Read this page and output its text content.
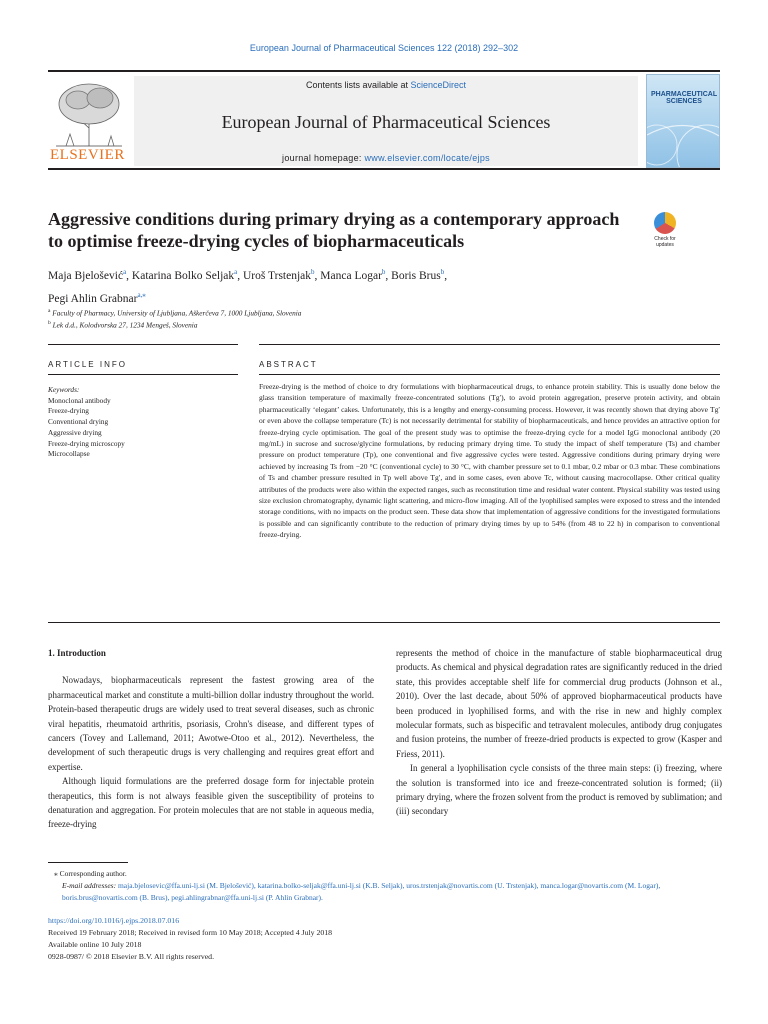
European Journal of Pharmaceutical Sciences 122 (2018) 292–302
ELSEVIER
Contents lists available at ScienceDirect
European Journal of Pharmaceutical Sciences
journal homepage: www.elsevier.com/locate/ejps
PHARMACEUTICAL SCIENCES
Aggressive conditions during primary drying as a contemporary approach to optimise freeze-drying cycles of biopharmaceuticals	Check for updates
Maja Bjelošević$^a$, Katarina Bolko Seljak$^a$, Uroš Trstenjak$^b$, Manca Logar$^b$, Boris Brus$^b$,
Pegi Ahlin Grabnar$^{a,⁎}$
$^a$ Faculty of Pharmacy, University of Ljubljana, Aškerčeva 7, 1000 Ljubljana, Slovenia
$^b$ Lek d.d., Kolodvorska 27, 1234 Mengeš, Slovenia
ARTICLE INFO	ABSTRACT
Keywords:
Monoclonal antibody
Freeze-drying
Conventional drying
Aggressive drying
Freeze-drying microscopy
Microcollapse
Freeze-drying is the method of choice to dry formulations with biopharmaceutical drugs, to enhance protein stability. This is usually done below the glass transition temperature of maximally freeze-concentrated solutions (Tg′), to avoid protein aggregation, preserve protein activity, and obtain pharmaceutically ‘elegant’ cakes. Unfortunately, this is a lengthy and energy-consuming process. However, it was recently shown that drying above Tg′ or even above the collapse temperature (Tc) is not necessarily detrimental for stability of biopharmaceuticals, and hence provides an attractive option for freeze-drying cycle optimisation. The goal of the present study was to optimise the freeze-drying cycle for a model IgG monoclonal antibody (20 mg/mL) in sucrose and sucrose/glycine formulations, by reducing primary drying time. To study the impact of shelf temperature (Ts) and chamber pressure on product temperature (Tp), one conventional and five aggressive cycles were tested. Aggressive conditions during primary drying were achieved by increasing Ts from −20 °C (conventional cycle) to 30 °C, with chamber pressure set to 0.1 mbar, 0.2 mbar or 0.3 mbar. These combinations of Ts and chamber pressure resulted in Tp well above Tg′, and in some cases, even above Tc, without causing macrocollapse. Other critical quality attributes of the products were also within the expected ranges, such as reconstitution time and residual water content. Physical stability was tested using size exclusion chromatography, dynamic light scattering, and micro-flow imaging. All of the lyophilised samples were exposed to stress and the intended storage conditions, with no impacts on the product seen. These data show that implementation of aggressive conditions for the investigated formulations is possible and can significantly contribute to the reduction of primary drying times by up to 54% (from 48 to 22 h) in comparison to conventional freeze-drying.
1. Introduction

Nowadays, biopharmaceuticals represent the fastest growing area of the pharmaceutical market and constitute a multi-billion dollar industry throughout the world. Protein-based therapeutic drugs are widely used to treat several diseases, such as chronic viral hepatitis, rheumatoid arthritis, psoriasis, Crohn's disease, and different types of cancers (Tovey and Lallemand, 2011; Awotwe-Otoo et al., 2012). Nevertheless, the development of such therapeutic drugs is very challenging and requires great effort and expertise.

Although liquid formulations are the preferred dosage form for injectable protein therapeutics, this form is not always feasible given the susceptibility of proteins to denaturation and aggregation. For protein molecules that are not stable in aqueous media, freeze-drying

represents the method of choice in the manufacture of stable biopharmaceutical drug products. As chemical and physical degradation rates are significantly reduced in the dried state, this provides acceptable shelf life for commercial drug products (Johnson et al., 2010). Over the last decade, about 50% of approved biopharmaceutical products have been produced in lyophilised forms, and with the rise in new and highly complex molecular formats, such as bispecific and tetravalent molecules, antibody drug conjugates and fusion proteins, the number of freeze-dried products is expected to grow (Kasper and Friess, 2011).

In general a lyophilisation cycle consists of the three main steps: (i) freezing, where the solution is transformed into ice and freeze-concentrated solution is formed; (ii) primary drying, where the frozen solvent from the product is removed by sublimation; and (iii) secondary

⁎ Corresponding author.
E-mail addresses: maja.bjelosevic@ffa.uni-lj.si (M. Bjelošević), katarina.bolko-seljak@ffa.uni-lj.si (K.B. Seljak), uros.trstenjak@novartis.com (U. Trstenjak), manca.logar@novartis.com (M. Logar), boris.brus@novartis.com (B. Brus), pegi.ahlingrabnar@ffa.uni-lj.si (P. Ahlin Grabnar).
https://doi.org/10.1016/j.ejps.2018.07.016
Received 19 February 2018; Received in revised form 10 May 2018; Accepted 4 July 2018
Available online 10 July 2018
0928-0987/ © 2018 Elsevier B.V. All rights reserved.
